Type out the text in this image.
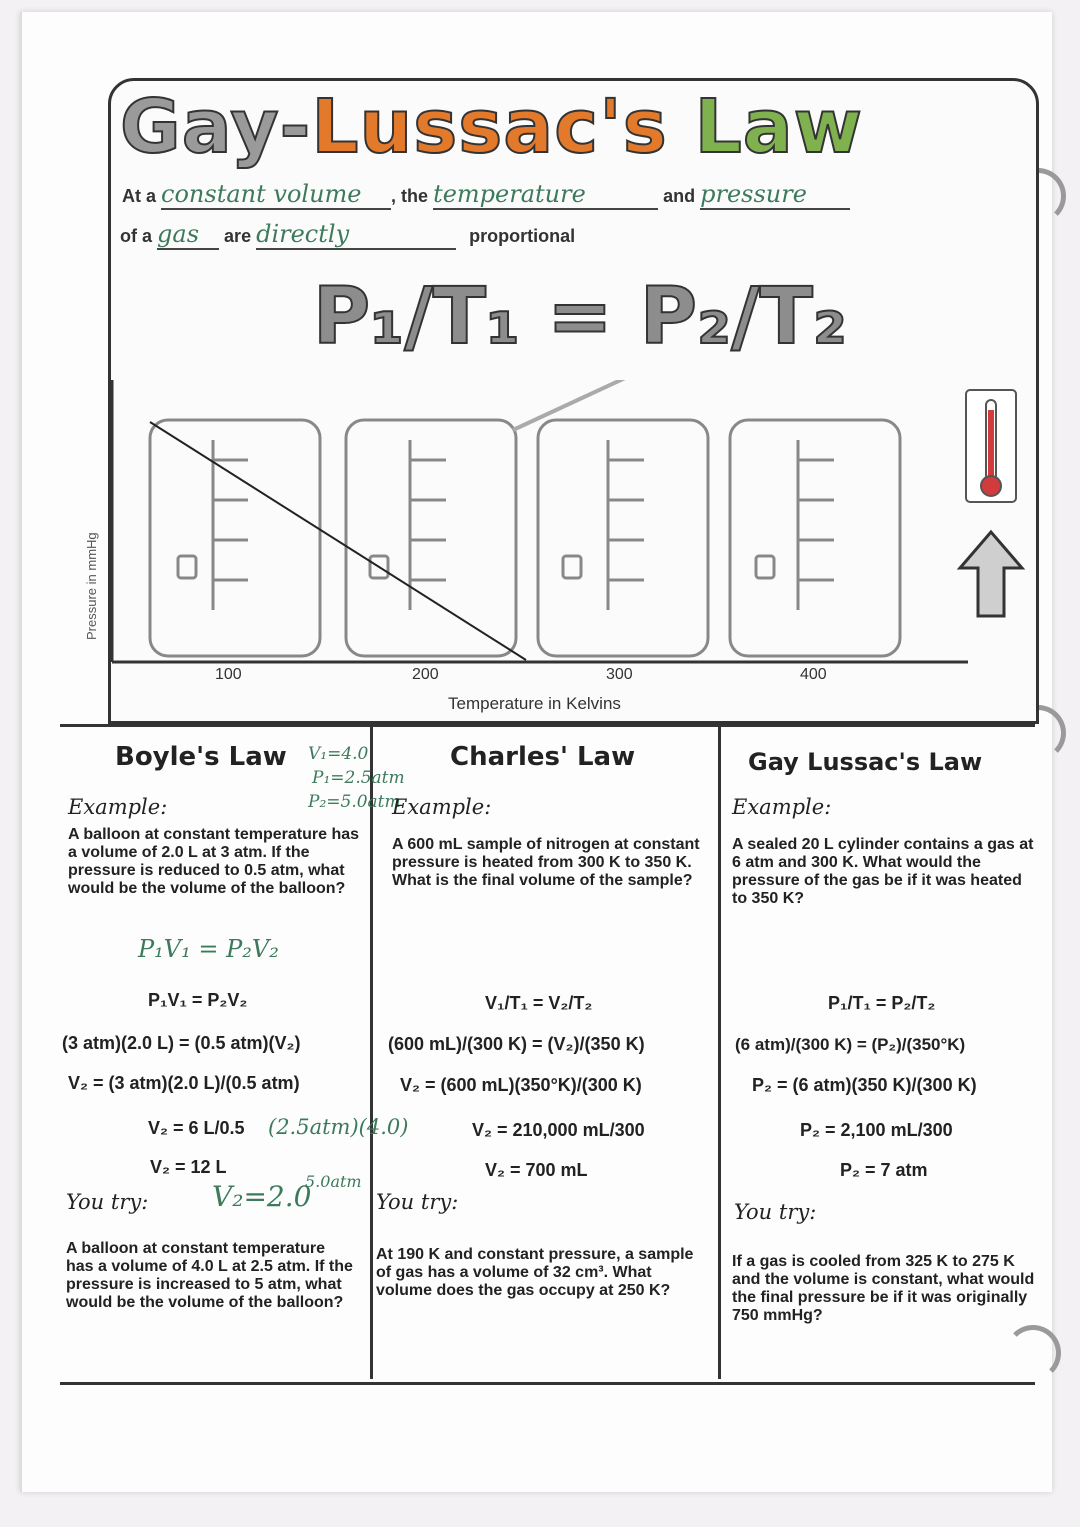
Gay-Lussac's Law
At a constant volume , the temperature	and pressure
of a gas are directly	proportional
P₁/T₁ = P₂/T₂
Pressure in mmHg
100	200	300	400
Temperature in Kelvins
Boyle's Law
Example:
A balloon at constant temperature has a volume of 2.0 L at 3 atm. If the pressure is reduced to 0.5 atm, what would be the volume of the balloon?
P₁V₁ = P₂V₂
(3 atm)(2.0 L) = (0.5 atm)(V₂)
V₂ = (3 atm)(2.0 L)/(0.5 atm)
V₂ = 6 L/0.5
V₂ = 12 L
You try:
A balloon at constant temperature has a volume of 4.0 L at 2.5 atm. If the pressure is increased to 5 atm, what would be the volume of the balloon?
V₁=4.0
P₁=2.5atm
P₂=5.0atm
P₁V₁ = P₂V₂
(2.5atm)(4.0)
V₂=2.0
5.0atm
Charles' Law
Example:
A 600 mL sample of nitrogen at constant pressure is heated from 300 K to 350 K. What is the final volume of the sample?
V₁/T₁ = V₂/T₂
(600 mL)/(300 K) = (V₂)/(350 K)
V₂ = (600 mL)(350°K)/(300 K)
V₂ = 210,000 mL/300
V₂ = 700 mL
You try:
At 190 K and constant pressure, a sample of gas has a volume of 32 cm³. What volume does the gas occupy at 250 K?
Gay Lussac's Law
Example:
A sealed 20 L cylinder contains a gas at 6 atm and 300 K. What would the pressure of the gas be if it was heated to 350 K?
P₁/T₁ = P₂/T₂
(6 atm)/(300 K) = (P₂)/(350°K)
P₂ = (6 atm)(350 K)/(300 K)
P₂ = 2,100 mL/300
P₂ = 7 atm
You try:
If a gas is cooled from 325 K to 275 K and the volume is constant, what would the final pressure be if it was originally 750 mmHg?
